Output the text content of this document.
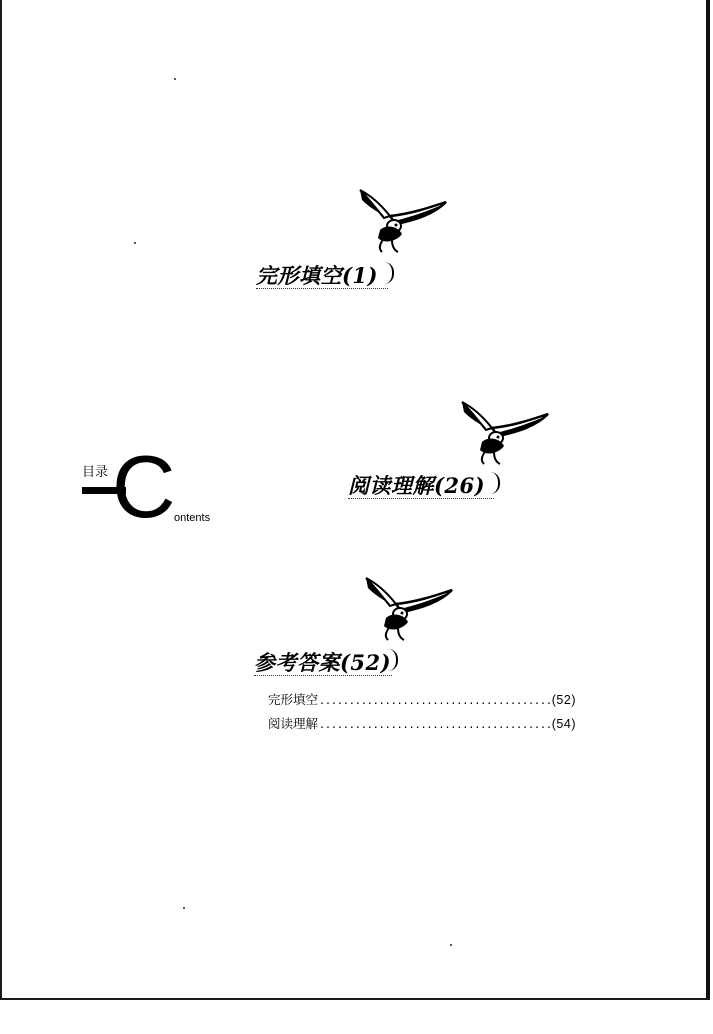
目录 C
ontents
完形填空(1)
阅读理解(26)
参考答案(52)
完形填空 .....	(52)
阅读理解 .....	(54)
